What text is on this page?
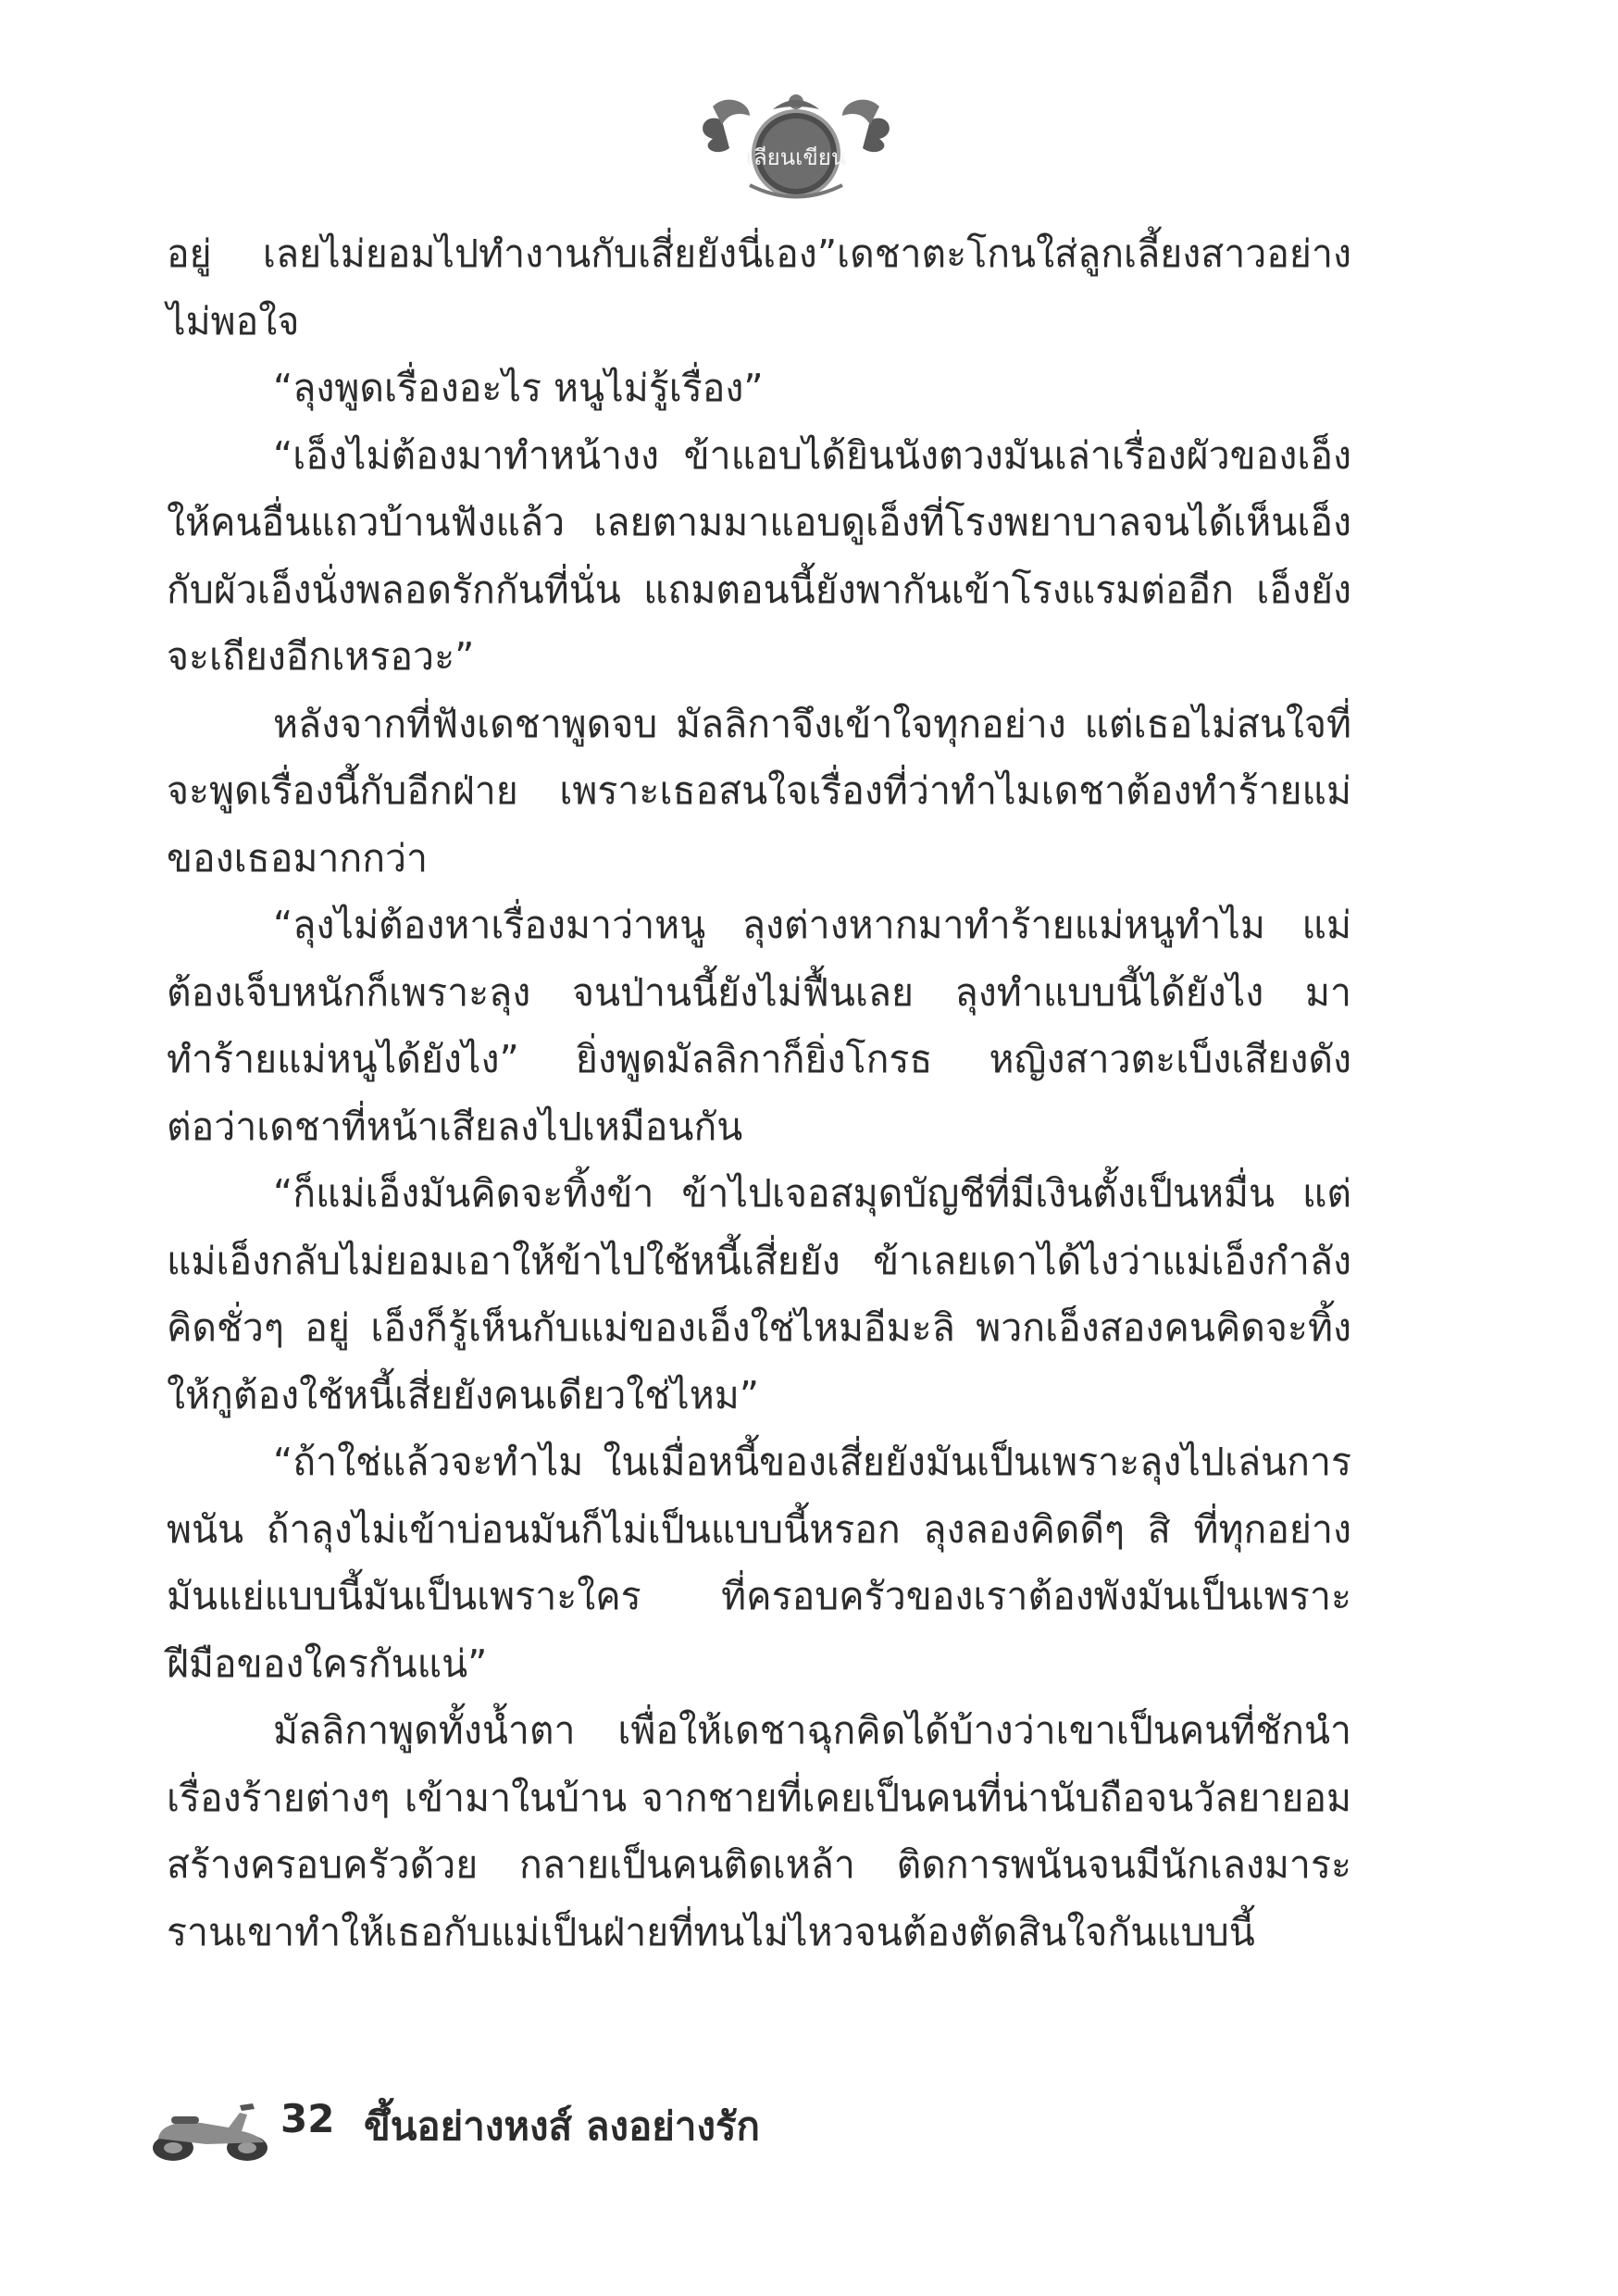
เลียนเขียน

อยู่ เลยไม่ยอมไปทำงานกับเสี่ยยังนี่เอง”เดชาตะโกนใส่ลูกเลี้ยงสาวอย่างไม่พอใจ

“ลุงพูดเรื่องอะไร หนูไม่รู้เรื่อง”

“เอ็งไม่ต้องมาทำหน้างง ข้าแอบได้ยินนังตวงมันเล่าเรื่องผัวของเอ็งให้คนอื่นแถวบ้านฟังแล้ว เลยตามมาแอบดูเอ็งที่โรงพยาบาลจนได้เห็นเอ็งกับผัวเอ็งนั่งพลอดรักกันที่นั่น แถมตอนนี้ยังพากันเข้าโรงแรมต่ออีก เอ็งยังจะเถียงอีกเหรอวะ”

หลังจากที่ฟังเดชาพูดจบ มัลลิกาจึงเข้าใจทุกอย่าง แต่เธอไม่สนใจที่จะพูดเรื่องนี้กับอีกฝ่าย เพราะเธอสนใจเรื่องที่ว่าทำไมเดชาต้องทำร้ายแม่ของเธอมากกว่า

“ลุงไม่ต้องหาเรื่องมาว่าหนู ลุงต่างหากมาทำร้ายแม่หนูทำไม แม่ต้องเจ็บหนักก็เพราะลุง จนป่านนี้ยังไม่ฟื้นเลย ลุงทำแบบนี้ได้ยังไง มาทำร้ายแม่หนูได้ยังไง” ยิ่งพูดมัลลิกาก็ยิ่งโกรธ หญิงสาวตะเบ็งเสียงดังต่อว่าเดชาที่หน้าเสียลงไปเหมือนกัน

“ก็แม่เอ็งมันคิดจะทิ้งข้า ข้าไปเจอสมุดบัญชีที่มีเงินตั้งเป็นหมื่น แต่แม่เอ็งกลับไม่ยอมเอาให้ข้าไปใช้หนี้เสี่ยยัง ข้าเลยเดาได้ไงว่าแม่เอ็งกำลังคิดชั่วๆ อยู่ เอ็งก็รู้เห็นกับแม่ของเอ็งใช่ไหมอีมะลิ พวกเอ็งสองคนคิดจะทิ้งให้กูต้องใช้หนี้เสี่ยยังคนเดียวใช่ไหม”

“ถ้าใช่แล้วจะทำไม ในเมื่อหนี้ของเสี่ยยังมันเป็นเพราะลุงไปเล่นการพนัน ถ้าลุงไม่เข้าบ่อนมันก็ไม่เป็นแบบนี้หรอก ลุงลองคิดดีๆ สิ ที่ทุกอย่างมันแย่แบบนี้มันเป็นเพราะใคร ที่ครอบครัวของเราต้องพังมันเป็นเพราะฝีมือของใครกันแน่”

มัลลิกาพูดทั้งน้ำตา เพื่อให้เดชาฉุกคิดได้บ้างว่าเขาเป็นคนที่ชักนำเรื่องร้ายต่างๆ เข้ามาในบ้าน จากชายที่เคยเป็นคนที่น่านับถือจนวัลยายอมสร้างครอบครัวด้วย กลายเป็นคนติดเหล้า ติดการพนันจนมีนักเลงมาระรานเขาทำให้เธอกับแม่เป็นฝ่ายที่ทนไม่ไหวจนต้องตัดสินใจกันแบบนี้

32 ขึ้นอย่างหงส์ ลงอย่างรัก
